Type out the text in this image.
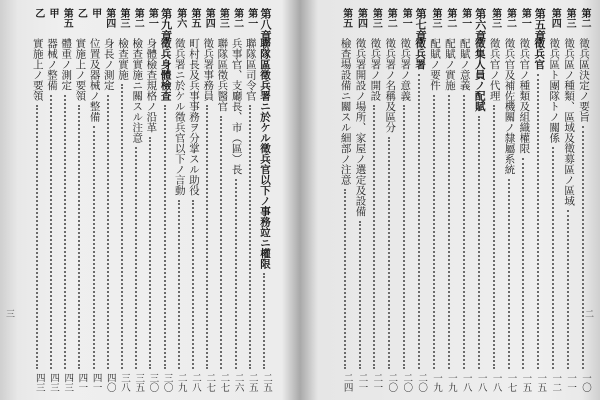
三
第八章
聯隊區徵兵署ニ於ケル徵兵官以下ノ事務竝ニ權限
二五
第一
聯隊區司令官
二五
第二
兵事官、支廳長、市（區）長
二六
第三
聯隊區徵兵醫官
二七
第四
徵兵署事務員
二七
第五
町村長及兵事事務ヲ分掌スル助役
二八
第六
徵兵署ニ於ケル徵兵官以下ノ言動
二九
第九章
徵兵身體檢查
三〇
第一
身體檢查規格ノ沿革
三〇
第二
檢查實施ニ關スル注意
三五
第三
檢查實施
三八
第四
身長ノ測定
四〇
甲
位置及器械ノ整備
四一
乙
實施上ノ要領
四一
第五
體重ノ測定
四三
甲
器械ノ整備
四三
乙
實施上ノ要領
四三
二
第二
徵兵區決定ノ要旨
一〇
第三
徵兵區ノ種類、區域及徵募區ノ區域
一一
第四
徵兵區ト團隊トノ關係
一二
第五章
徵兵官
一五
第一
徵兵官ノ種類及組織權限
一五
第二
徵兵官及補佐機關ノ隸屬系統
一七
第三
徵兵官ノ代理
一八
第六章
徵集人員ノ配賦
一八
第一
配賦ノ意義
一八
第二
配賦ノ實施
一九
第三
配賦ノ要件
一九
第七章
徵兵署
二〇
第一
徵兵署ノ意義
二〇
第二
徵兵署ノ名稱及區分
二〇
第三
徵兵署ノ開設
二一
第四
徵兵署開設ノ場所、家屋ノ選定及設備
二一
第五
檢查場設備ニ關スル細部ノ注意
二四
